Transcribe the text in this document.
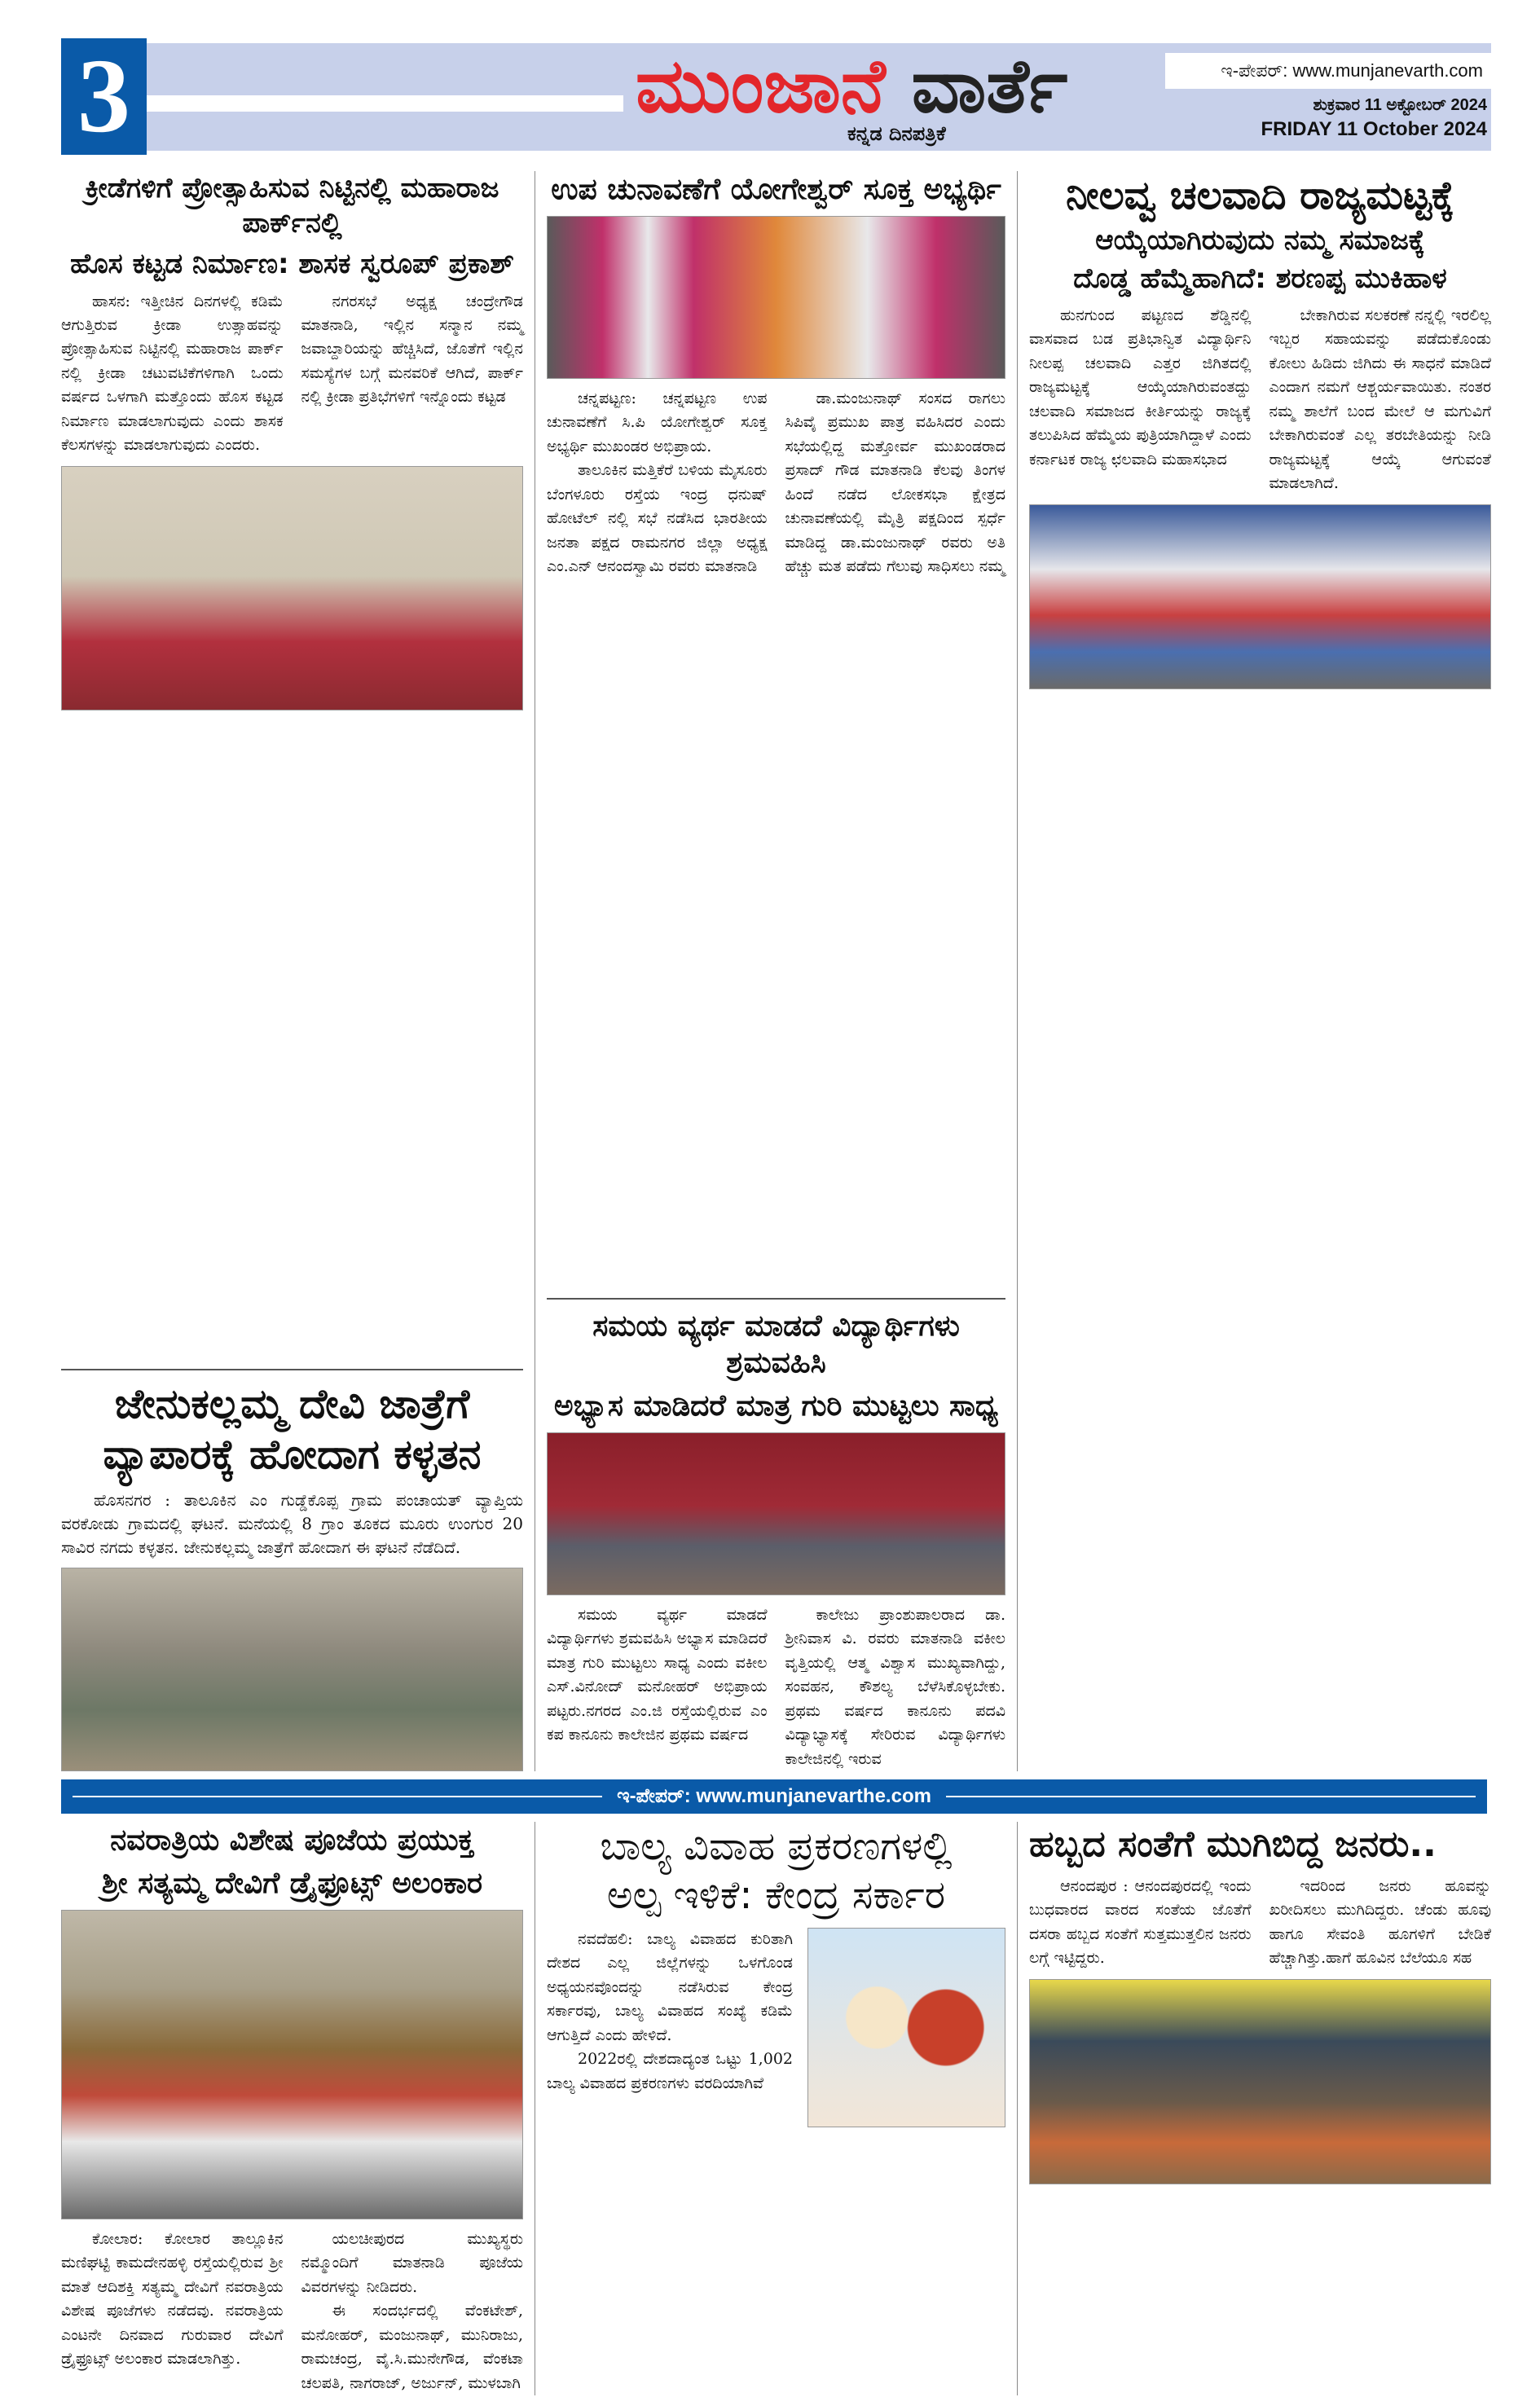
3	ಮುಂಜಾನೆ ವಾರ್ತೆ
ಕನ್ನಡ ದಿನಪತ್ರಿಕೆ
ಇ-ಪೇಪರ್: www.munjanevarth.com
ಶುಕ್ರವಾರ 11 ಅಕ್ಟೋಬರ್ 2024
FRIDAY 11 October 2024
ಕ್ರೀಡೆಗಳಿಗೆ ಪ್ರೋತ್ಸಾಹಿಸುವ ನಿಟ್ಟಿನಲ್ಲಿ ಮಹಾರಾಜ ಪಾರ್ಕ್‌ನಲ್ಲಿ
ಹೊಸ ಕಟ್ಟಡ ನಿರ್ಮಾಣ: ಶಾಸಕ ಸ್ವರೂಪ್ ಪ್ರಕಾಶ್

ಹಾಸನ: ಇತ್ತೀಚಿನ ದಿನಗಳಲ್ಲಿ ಕಡಿಮೆ ಆಗುತ್ತಿರುವ ಕ್ರೀಡಾ ಉತ್ಸಾಹವನ್ನು ಪ್ರೋತ್ಸಾಹಿಸುವ ನಿಟ್ಟಿನಲ್ಲಿ ಮಹಾರಾಜ ಪಾರ್ಕ್ ನಲ್ಲಿ ಕ್ರೀಡಾ ಚಟುವಟಿಕೆಗಳಿಗಾಗಿ ಒಂದು ವರ್ಷದ ಒಳಗಾಗಿ ಮತ್ತೊಂದು ಹೊಸ ಕಟ್ಟಡ ನಿರ್ಮಾಣ ಮಾಡಲಾಗುವುದು ಎಂದು ಶಾಸಕ ಕೆಲಸಗಳನ್ನು ಮಾಡಲಾಗುವುದು ಎಂದರು.

ನಗರಸಭೆ ಅಧ್ಯಕ್ಷ ಚಂದ್ರೇಗೌಡ ಮಾತನಾಡಿ, ಇಲ್ಲಿನ ಸನ್ಮಾನ ನಮ್ಮ ಜವಾಬ್ದಾರಿಯನ್ನು ಹೆಚ್ಚಿಸಿದೆ, ಜೊತೆಗೆ ಇಲ್ಲಿನ ಸಮಸ್ಯೆಗಳ ಬಗ್ಗೆ ಮನವರಿಕೆ ಆಗಿದೆ, ಪಾರ್ಕ್ ನಲ್ಲಿ ಕ್ರೀಡಾ ಪ್ರತಿಭೆಗಳಿಗೆ ಇನ್ನೊಂದು ಕಟ್ಟಡ

ಜೇನುಕಲ್ಲಮ್ಮ ದೇವಿ ಜಾತ್ರೆಗೆ
ವ್ಯಾಪಾರಕ್ಕೆ ಹೋದಾಗ ಕಳ್ಳತನ
ಹೊಸನಗರ : ತಾಲೂಕಿನ ಎಂ ಗುಡ್ಡೆಕೊಪ್ಪ ಗ್ರಾಮ ಪಂಚಾಯತ್ ವ್ಯಾಪ್ತಿಯ ವರಕೋಡು ಗ್ರಾಮದಲ್ಲಿ ಘಟನೆ. ಮನೆಯಲ್ಲಿ 8 ಗ್ರಾಂ ತೂಕದ ಮೂರು ಉಂಗುರ 20 ಸಾವಿರ ನಗದು ಕಳ್ಳತನ. ಜೇನುಕಲ್ಲಮ್ಮ ಜಾತ್ರೆಗೆ ಹೋದಾಗ ಈ ಘಟನೆ ನೆಡೆದಿದೆ.
ಉಪ ಚುನಾವಣೆಗೆ ಯೋಗೇಶ್ವರ್ ಸೂಕ್ತ ಅಭ್ಯರ್ಥಿ

ಚನ್ನಪಟ್ಟಣ: ಚನ್ನಪಟ್ಟಣ ಉಪ ಚುನಾವಣೆಗೆ ಸಿ.ಪಿ ಯೋಗೇಶ್ವರ್ ಸೂಕ್ತ ಅಭ್ಯರ್ಥಿ ಮುಖಂಡರ ಅಭಿಪ್ರಾಯ.

ತಾಲೂಕಿನ ಮತ್ತಿಕೆರೆ ಬಳಿಯ ಮೈಸೂರು ಬೆಂಗಳೂರು ರಸ್ತೆಯ ಇಂದ್ರ ಧನುಷ್ ಹೋಟೆಲ್ ನಲ್ಲಿ ಸಭೆ ನಡೆಸಿದ ಭಾರತೀಯ ಜನತಾ ಪಕ್ಷದ ರಾಮನಗರ ಜಿಲ್ಲಾ ಅಧ್ಯಕ್ಷ ಎಂ.ಎನ್ ಆನಂದಸ್ವಾಮಿ ರವರು ಮಾತನಾಡಿ

ಡಾ.ಮಂಜುನಾಥ್ ಸಂಸದ ರಾಗಲು ಸಿಪಿವೈ ಪ್ರಮುಖ ಪಾತ್ರ ವಹಿಸಿದರ ಎಂದು ಸಭೆಯಲ್ಲಿದ್ದ ಮತ್ತೋರ್ವ ಮುಖಂಡರಾದ ಪ್ರಸಾದ್ ಗೌಡ ಮಾತನಾಡಿ ಕೆಲವು ತಿಂಗಳ ಹಿಂದೆ ನಡೆದ ಲೋಕಸಭಾ ಕ್ಷೇತ್ರದ ಚುನಾವಣೆಯಲ್ಲಿ ಮೈತ್ರಿ ಪಕ್ಷದಿಂದ ಸ್ಪರ್ಧೆ ಮಾಡಿದ್ದ ಡಾ.ಮಂಜುನಾಥ್ ರವರು ಅತಿ ಹೆಚ್ಚು ಮತ ಪಡೆದು ಗೆಲುವು ಸಾಧಿಸಲು ನಮ್ಮ

ಸಮಯ ವ್ಯರ್ಥ ಮಾಡದೆ ವಿದ್ಯಾರ್ಥಿಗಳು ಶ್ರಮವಹಿಸಿ
ಅಭ್ಯಾಸ ಮಾಡಿದರೆ ಮಾತ್ರ ಗುರಿ ಮುಟ್ಟಲು ಸಾಧ್ಯ

ಸಮಯ ವ್ಯರ್ಥ ಮಾಡದೆ ವಿದ್ಯಾರ್ಥಿಗಳು ಶ್ರಮವಹಿಸಿ ಅಭ್ಯಾಸ ಮಾಡಿದರೆ ಮಾತ್ರ ಗುರಿ ಮುಟ್ಟಲು ಸಾಧ್ಯ ಎಂದು ವಕೀಲ ಎಸ್.ವಿನೋದ್ ಮನೋಹರ್ ಅಭಿಪ್ರಾಯ ಪಟ್ಟರು.ನಗರದ ಎಂ.ಜಿ ರಸ್ತೆಯಲ್ಲಿರುವ ಎಂ ಕಪ ಕಾನೂನು ಕಾಲೇಜಿನ ಪ್ರಥಮ ವರ್ಷದ

ಕಾಲೇಜು ಪ್ರಾಂಶುಪಾಲರಾದ ಡಾ. ಶ್ರೀನಿವಾಸ ವಿ. ರವರು ಮಾತನಾಡಿ ವಕೀಲ ವೃತ್ತಿಯಲ್ಲಿ ಆತ್ಮ ವಿಶ್ವಾಸ ಮುಖ್ಯವಾಗಿದ್ದು, ಸಂವಹನ, ಕೌಶಲ್ಯ ಬೆಳೆಸಿಕೊಳ್ಳಬೇಕು. ಪ್ರಥಮ ವರ್ಷದ ಕಾನೂನು ಪದವಿ ವಿದ್ಯಾಭ್ಯಾಸಕ್ಕೆ ಸೇರಿರುವ ವಿದ್ಯಾರ್ಥಿಗಳು ಕಾಲೇಜಿನಲ್ಲಿ ಇರುವ

ನೀಲವ್ವ ಚಲವಾದಿ ರಾಜ್ಯಮಟ್ಟಕ್ಕೆ
ಆಯ್ಕೆಯಾಗಿರುವುದು ನಮ್ಮ ಸಮಾಜಕ್ಕೆ
ದೊಡ್ಡ ಹೆಮ್ಮೆಹಾಗಿದೆ: ಶರಣಪ್ಪ ಮುಕಿಹಾಳ

ಹುನಗುಂದ ಪಟ್ಟಣದ ಶೆಡ್ಡಿನಲ್ಲಿ ವಾಸವಾದ ಬಡ ಪ್ರತಿಭಾನ್ವಿತ ವಿದ್ಯಾರ್ಥಿನಿ ನೀಲಪ್ಪ ಚಲವಾದಿ ಎತ್ತರ ಜಿಗಿತದಲ್ಲಿ ರಾಜ್ಯಮಟ್ಟಕ್ಕೆ ಆಯ್ಕೆಯಾಗಿರುವಂತದ್ದು ಚಲವಾದಿ ಸಮಾಜದ ಕೀರ್ತಿಯನ್ನು ರಾಜ್ಯಕ್ಕೆ ತಲುಪಿಸಿದ ಹೆಮ್ಮೆಯ ಪುತ್ರಿಯಾಗಿದ್ದಾಳೆ ಎಂದು ಕರ್ನಾಟಕ ರಾಜ್ಯ ಛಲವಾದಿ ಮಹಾಸಭಾದ

ಬೇಕಾಗಿರುವ ಸಲಕರಣೆ ನನ್ನಲ್ಲಿ ಇರಲಿಲ್ಲ ಇಬ್ಬರ ಸಹಾಯವನ್ನು ಪಡೆದುಕೊಂಡು ಕೋಲು ಹಿಡಿದು ಜಿಗಿದು ಈ ಸಾಧನೆ ಮಾಡಿದೆ ಎಂದಾಗ ನಮಗೆ ಆಶ್ಚರ್ಯವಾಯಿತು. ನಂತರ ನಮ್ಮ ಶಾಲೆಗೆ ಬಂದ ಮೇಲೆ ಆ ಮಗುವಿಗೆ ಬೇಕಾಗಿರುವಂತೆ ಎಲ್ಲ ತರಬೇತಿಯನ್ನು ನೀಡಿ ರಾಜ್ಯಮಟ್ಟಕ್ಕೆ ಆಯ್ಕೆ ಆಗುವಂತೆ ಮಾಡಲಾಗಿದೆ.

ಇ-ಪೇಪರ್: www.munjanevarthe.com
ನವರಾತ್ರಿಯ ವಿಶೇಷ ಪೂಜೆಯ ಪ್ರಯುಕ್ತ
ಶ್ರೀ ಸತ್ಯಮ್ಮ ದೇವಿಗೆ ಡ್ರೈಫ್ರೂಟ್ಸ್ ಅಲಂಕಾರ

ಕೋಲಾರ: ಕೋಲಾರ ತಾಲ್ಲೂಕಿನ ಮಣಿಘಟ್ಟಿ ಕಾಮದೇನಹಳ್ಳಿ ರಸ್ತೆಯಲ್ಲಿರುವ ಶ್ರೀ ಮಾತೆ ಆದಿಶಕ್ತಿ ಸತ್ಯಮ್ಮ ದೇವಿಗೆ ನವರಾತ್ರಿಯ ವಿಶೇಷ ಪೂಜೆಗಳು ನಡೆದವು. ನವರಾತ್ರಿಯ ಎಂಟನೇ ದಿನವಾದ ಗುರುವಾರ ದೇವಿಗೆ ಡ್ರೈಫ್ರೂಟ್ಸ್ ಅಲಂಕಾರ ಮಾಡಲಾಗಿತ್ತು.

ಯಲಚೀಪುರದ ಮುಖ್ಯಸ್ಥರು ನಮ್ಮೊಂದಿಗೆ ಮಾತನಾಡಿ ಪೂಜೆಯ ವಿವರಗಳನ್ನು ನೀಡಿದರು.

ಈ ಸಂದರ್ಭದಲ್ಲಿ ವೆಂಕಟೇಶ್, ಮನೋಹರ್, ಮಂಜುನಾಥ್, ಮುನಿರಾಜು, ರಾಮಚಂದ್ರ, ವೈ.ಸಿ.ಮುನೇಗೌಡ, ವೆಂಕಟಾ ಚಲಪತಿ, ನಾಗರಾಜ್, ಅರ್ಜುನ್, ಮುಳಬಾಗಿ

ಬಾಲ್ಯ ವಿವಾಹ ಪ್ರಕರಣಗಳಲ್ಲಿ
ಅಲ್ಪ ಇಳಿಕೆ: ಕೇಂದ್ರ ಸರ್ಕಾರ

ನವದೆಹಲಿ: ಬಾಲ್ಯ ವಿವಾಹದ ಕುರಿತಾಗಿ ದೇಶದ ಎಲ್ಲ ಜಿಲ್ಲೆಗಳನ್ನು ಒಳಗೊಂಡ ಅಧ್ಯಯನವೊಂದನ್ನು ನಡೆಸಿರುವ ಕೇಂದ್ರ ಸರ್ಕಾರವು, ಬಾಲ್ಯ ವಿವಾಹದ ಸಂಖ್ಯೆ ಕಡಿಮೆ ಆಗುತ್ತಿದೆ ಎಂದು ಹೇಳಿದೆ.

2022ರಲ್ಲಿ ದೇಶದಾದ್ಯಂತ ಒಟ್ಟು 1,002 ಬಾಲ್ಯ ವಿವಾಹದ ಪ್ರಕರಣಗಳು ವರದಿಯಾಗಿವೆ

ಹಬ್ಬದ ಸಂತೆಗೆ ಮುಗಿಬಿದ್ದ ಜನರು..

ಆನಂದಪುರ : ಆನಂದಪುರದಲ್ಲಿ ಇಂದು ಬುಧವಾರದ ವಾರದ ಸಂತೆಯ ಜೊತೆಗೆ ದಸರಾ ಹಬ್ಬದ ಸಂತೆಗೆ ಸುತ್ತಮುತ್ತಲಿನ ಜನರು ಲಗ್ಗೆ ಇಟ್ಟಿದ್ದರು.

ಇದರಿಂದ ಜನರು ಹೂವನ್ನು ಖರೀದಿಸಲು ಮುಗಿದಿದ್ದರು. ಚೆಂಡು ಹೂವು ಹಾಗೂ ಸೇವಂತಿ ಹೂಗಳಿಗೆ ಬೇಡಿಕೆ ಹೆಚ್ಚಾಗಿತ್ತು.ಹಾಗೆ ಹೂವಿನ ಬೆಲೆಯೂ ಸಹ
